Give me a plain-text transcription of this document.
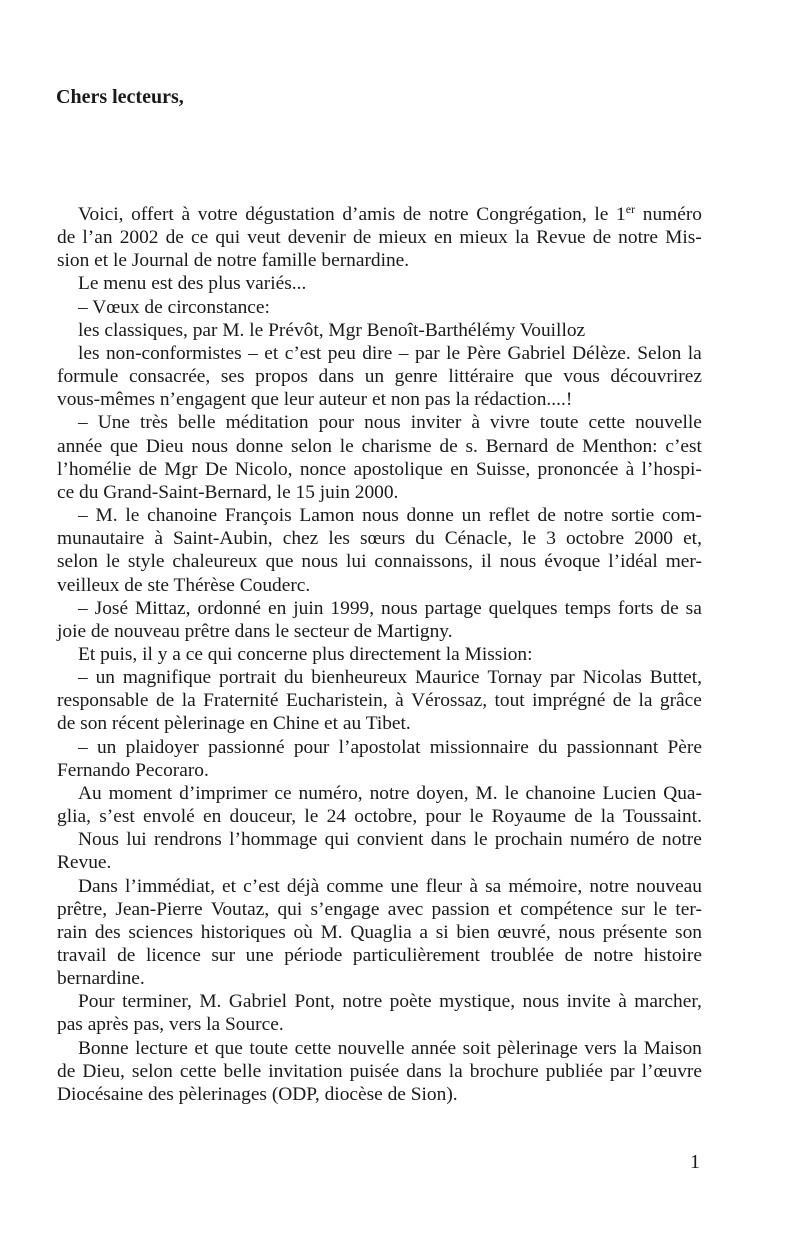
Chers lecteurs,
Voici, offert à votre dégustation d’amis de notre Congrégation, le 1er numéro
de l’an 2002 de ce qui veut devenir de mieux en mieux la Revue de notre Mis-
sion et le Journal de notre famille bernardine.
Le menu est des plus variés...
– Vœux de circonstance:
les classiques, par M. le Prévôt, Mgr Benoît-Barthélémy Vouilloz
les non-conformistes – et c’est peu dire – par le Père Gabriel Délèze. Selon la
formule consacrée, ses propos dans un genre littéraire que vous découvrirez
vous-mêmes n’engagent que leur auteur et non pas la rédaction....!
– Une très belle méditation pour nous inviter à vivre toute cette nouvelle
année que Dieu nous donne selon le charisme de s. Bernard de Menthon: c’est
l’homélie de Mgr De Nicolo, nonce apostolique en Suisse, prononcée à l’hospi-
ce du Grand-Saint-Bernard, le 15 juin 2000.
– M. le chanoine François Lamon nous donne un reflet de notre sortie com-
munautaire à Saint-Aubin, chez les sœurs du Cénacle, le 3 octobre 2000 et,
selon le style chaleureux que nous lui connaissons, il nous évoque l’idéal mer-
veilleux de ste Thérèse Couderc.
– José Mittaz, ordonné en juin 1999, nous partage quelques temps forts de sa
joie de nouveau prêtre dans le secteur de Martigny.
Et puis, il y a ce qui concerne plus directement la Mission:
– un magnifique portrait du bienheureux Maurice Tornay par Nicolas Buttet,
responsable de la Fraternité Eucharistein, à Vérossaz, tout imprégné de la grâce
de son récent pèlerinage en Chine et au Tibet.
– un plaidoyer passionné pour l’apostolat missionnaire du passionnant Père
Fernando Pecoraro.
Au moment d’imprimer ce numéro, notre doyen, M. le chanoine Lucien Qua-
glia, s’est envolé en douceur, le 24 octobre, pour le Royaume de la Toussaint.
Nous lui rendrons l’hommage qui convient dans le prochain numéro de notre
Revue.
Dans l’immédiat, et c’est déjà comme une fleur à sa mémoire, notre nouveau
prêtre, Jean-Pierre Voutaz, qui s’engage avec passion et compétence sur le ter-
rain des sciences historiques où M. Quaglia a si bien œuvré, nous présente son
travail de licence sur une période particulièrement troublée de notre histoire
bernardine.
Pour terminer, M. Gabriel Pont, notre poète mystique, nous invite à marcher,
pas après pas, vers la Source.
Bonne lecture et que toute cette nouvelle année soit pèlerinage vers la Maison
de Dieu, selon cette belle invitation puisée dans la brochure publiée par l’œuvre
Diocésaine des pèlerinages (ODP, diocèse de Sion).
1
